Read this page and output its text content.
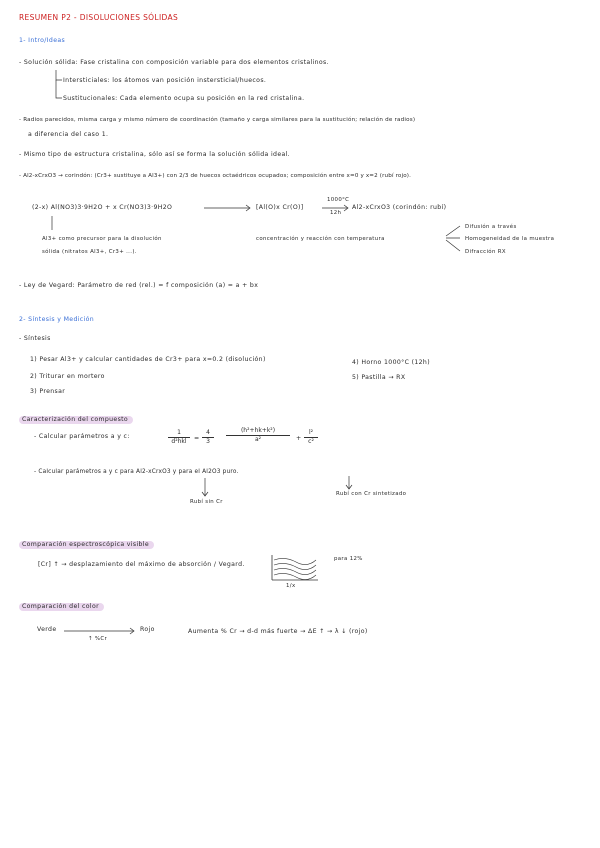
RESUMEN P2 - DISOLUCIONES SÓLIDAS
1- Intro/Ideas
- Solución sólida: Fase cristalina con composición variable para dos elementos cristalinos.
Intersticiales: los átomos van posición instersticial/huecos.
Sustitucionales: Cada elemento ocupa su posición en la red cristalina.
- Radios parecidos, misma carga y mismo número de coordinación (tamaño y carga similares para la sustitución; relación de radios)
a diferencia del caso 1.
- Mismo tipo de estructura cristalina, sólo así se forma la solución sólida ideal.
- Al2-xCrxO3 → corindón: (Cr3+ sustituye a Al3+) con 2/3 de huecos octaédricos ocupados; composición entre x=0 y x=2 (rubí rojo).
(2-x) Al(NO3)3·9H2O + x Cr(NO3)3·9H2O	[Al(O)x Cr(O)]
1000°C
12h
Al2-xCrxO3 (corindón: rubí)
Al3+ como precursor para la disolución
sólida (nitratos Al3+, Cr3+ ...).
concentración y reacción con temperatura
Difusión a través
Homogeneidad de la muestra
Difracción RX
- Ley de Vegard: Parámetro de red (rel.) = f composición (a) = a + bx
2- Síntesis y Medición
- Síntesis
1) Pesar Al3+ y calcular cantidades de Cr3+ para x=0.2 (disolución)
2) Triturar en mortero
3) Prensar
4) Horno 1000°C (12h)
5) Pastilla → RX
Caracterización del compuesto
- Calcular parámetros a y c:
1
d²hkl	=
4
3
(h²+hk+k²)
a²	+
l²
c²
- Calcular parámetros a y c para Al2-xCrxO3 y para el Al2O3 puro.
Rubí sin Cr
Rubí con Cr sintetizado
Comparación espectroscópica visible
[Cr] ↑ → desplazamiento del máximo de absorción / Vegard.
para 12%
1/x
Comparación del color
Verde	Rojo
↑ %Cr
Aumenta % Cr → d-d más fuerte → ΔE ↑ → λ ↓ (rojo)
